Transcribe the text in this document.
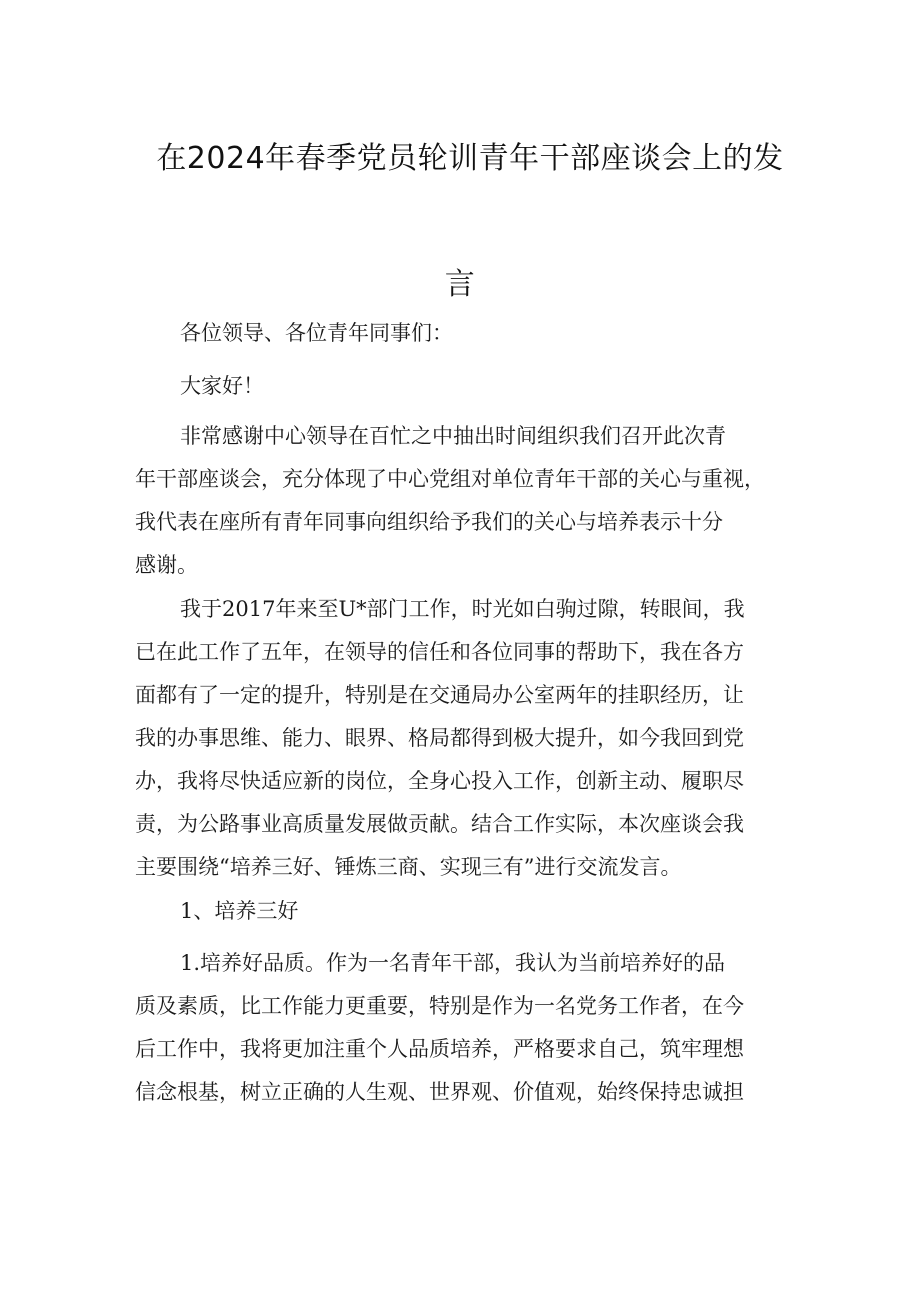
在2024年春季党员轮训青年干部座谈会上的发
言

各位领导、各位青年同事们：

大家好！

非常感谢中心领导在百忙之中抽出时间组织我们召开此次青
年干部座谈会，充分体现了中心党组对单位青年干部的关心与重视，
我代表在座所有青年同事向组织给予我们的关心与培养表示十分
感谢。

我于2017年来至U*部门工作，时光如白驹过隙，转眼间，我
已在此工作了五年，在领导的信任和各位同事的帮助下，我在各方
面都有了一定的提升，特别是在交通局办公室两年的挂职经历，让
我的办事思维、能力、眼界、格局都得到极大提升，如今我回到党
办，我将尽快适应新的岗位，全身心投入工作，创新主动、履职尽
责，为公路事业高质量发展做贡献。结合工作实际，本次座谈会我
主要围绕“培养三好、锤炼三商、实现三有”进行交流发言。

1、培养三好

1.培养好品质。作为一名青年干部，我认为当前培养好的品
质及素质，比工作能力更重要，特别是作为一名党务工作者，在今
后工作中，我将更加注重个人品质培养，严格要求自己，筑牢理想
信念根基，树立正确的人生观、世界观、价值观，始终保持忠诚担
